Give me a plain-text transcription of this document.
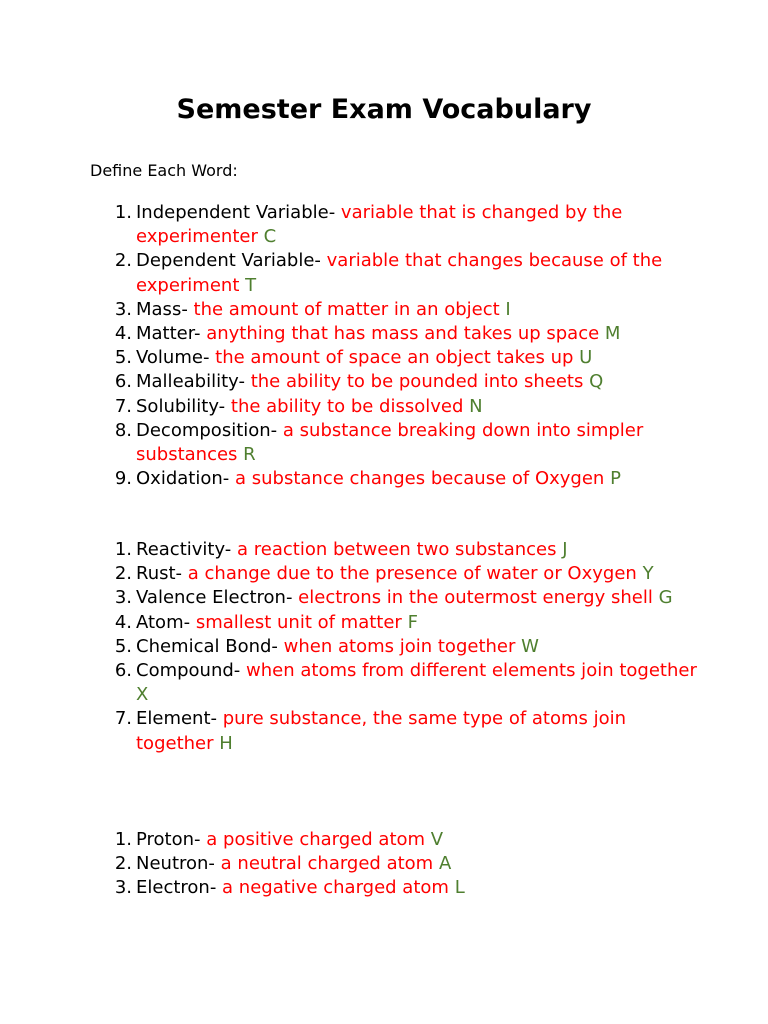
Semester Exam Vocabulary

Define Each Word:

1. Independent Variable- variable that is changed by the experimenter C
2. Dependent Variable- variable that changes because of the experiment T
3. Mass- the amount of matter in an object I
4. Matter- anything that has mass and takes up space M
5. Volume- the amount of space an object takes up U
6. Malleability- the ability to be pounded into sheets Q
7. Solubility- the ability to be dissolved N
8. Decomposition- a substance breaking down into simpler substances R
9. Oxidation- a substance changes because of Oxygen P
1. Reactivity- a reaction between two substances J
2. Rust- a change due to the presence of water or Oxygen Y
3. Valence Electron- electrons in the outermost energy shell G
4. Atom- smallest unit of matter F
5. Chemical Bond- when atoms join together W
6. Compound- when atoms from different elements join together X
7. Element- pure substance, the same type of atoms join together H
1. Proton- a positive charged atom V
2. Neutron- a neutral charged atom A
3. Electron- a negative charged atom L
